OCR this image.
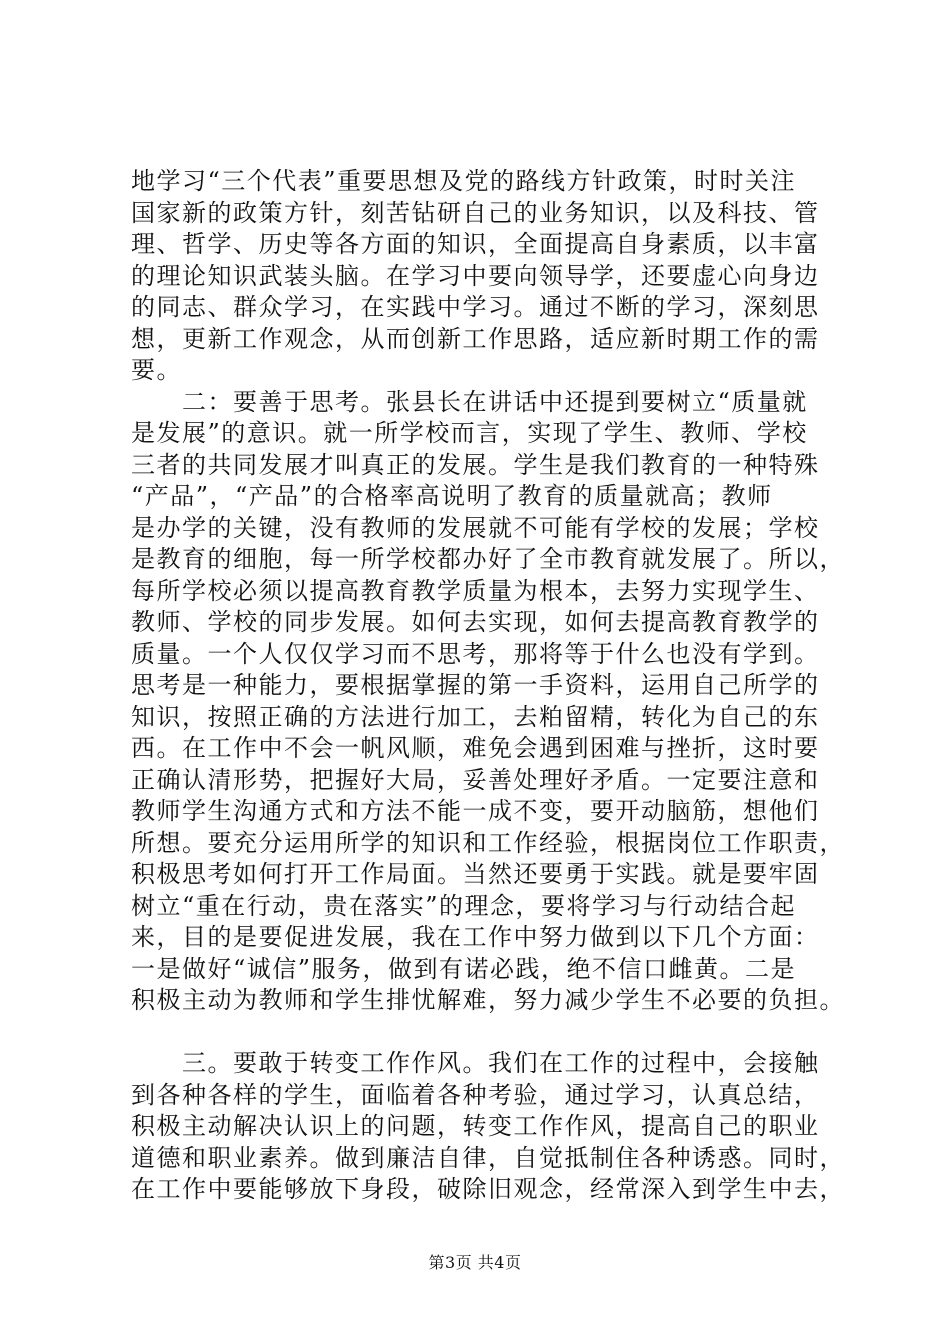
地学习“三个代表”重要思想及党的路线方针政策，时时关注
国家新的政策方针，刻苦钻研自己的业务知识，以及科技、管
理、哲学、历史等各方面的知识，全面提高自身素质，以丰富
的理论知识武装头脑。在学习中要向领导学，还要虚心向身边
的同志、群众学习，在实践中学习。通过不断的学习，深刻思
想，更新工作观念，从而创新工作思路，适应新时期工作的需
要。
　　二：要善于思考。张县长在讲话中还提到要树立“质量就
是发展”的意识。就一所学校而言，实现了学生、教师、学校
三者的共同发展才叫真正的发展。学生是我们教育的一种特殊
“产品”，“产品”的合格率高说明了教育的质量就高；教师
是办学的关键，没有教师的发展就不可能有学校的发展；学校
是教育的细胞，每一所学校都办好了全市教育就发展了。所以，
每所学校必须以提高教育教学质量为根本，去努力实现学生、
教师、学校的同步发展。如何去实现，如何去提高教育教学的
质量。一个人仅仅学习而不思考，那将等于什么也没有学到。
思考是一种能力，要根据掌握的第一手资料，运用自己所学的
知识，按照正确的方法进行加工，去粕留精，转化为自己的东
西。在工作中不会一帆风顺，难免会遇到困难与挫折，这时要
正确认清形势，把握好大局，妥善处理好矛盾。一定要注意和
教师学生沟通方式和方法不能一成不变，要开动脑筋，想他们
所想。要充分运用所学的知识和工作经验，根据岗位工作职责，
积极思考如何打开工作局面。当然还要勇于实践。就是要牢固
树立“重在行动，贵在落实”的理念，要将学习与行动结合起
来，目的是要促进发展，我在工作中努力做到以下几个方面：
一是做好“诚信”服务，做到有诺必践，绝不信口雌黄。二是
积极主动为教师和学生排忧解难，努力减少学生不必要的负担。
　　三。要敢于转变工作作风。我们在工作的过程中，会接触
到各种各样的学生，面临着各种考验，通过学习，认真总结，
积极主动解决认识上的问题，转变工作作风，提高自己的职业
道德和职业素养。做到廉洁自律，自觉抵制住各种诱惑。同时，
在工作中要能够放下身段，破除旧观念，经常深入到学生中去，
第3页 共4页
